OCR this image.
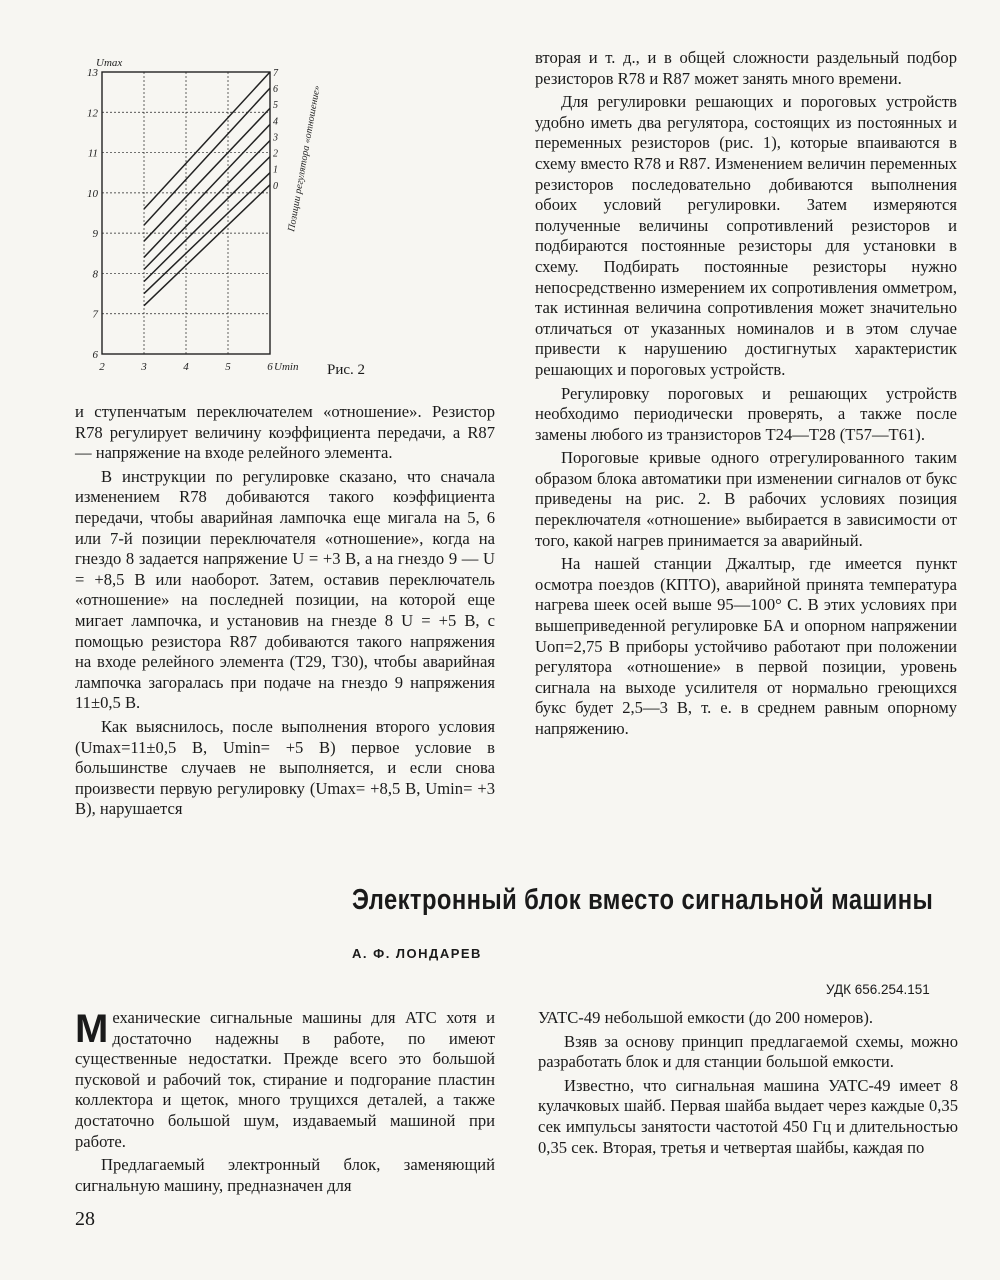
2	3	4	5	6
6
7
8
9
10
11
12
13
0
1
2
3
4
5
6
7
Umax
Umin
Позиции регулятора «отношение»
Рис. 2

вторая и т. д., и в общей сложности раздельный подбор резисторов R78 и R87 может занять много времени.

Для регулировки решающих и пороговых устройств удобно иметь два регулятора, состоящих из постоянных и переменных резисторов (рис. 1), которые впаиваются в схему вместо R78 и R87. Изменением величин переменных резисторов последовательно добиваются выполнения обоих условий регулировки. Затем измеряются полученные величины сопротивлений резисторов и подбираются постоянные резисторы для установки в схему. Подбирать постоянные резисторы нужно непосредственно измерением их сопротивления омметром, так истинная величина сопротивления может значительно отличаться от указанных номиналов и в этом случае привести к нарушению достигнутых характеристик решающих и пороговых устройств.

Регулировку пороговых и решающих устройств необходимо периодически проверять, а также после замены любого из транзисторов T24—T28 (T57—T61).

Пороговые кривые одного отрегулированного таким образом блока автоматики при изменении сигналов от букс приведены на рис. 2. В рабочих условиях позиция переключателя «отношение» выбирается в зависимости от того, какой нагрев принимается за аварийный.

На нашей станции Джалтыр, где имеется пункт осмотра поездов (КПТО), аварийной принята температура нагрева шеек осей выше 95—100° С. В этих условиях при вышеприведенной регулировке БА и опорном напряжении Uоп=2,75 В приборы устойчиво работают при положении регулятора «отношение» в первой позиции, уровень сигнала на выходе усилителя от нормально греющихся букс будет 2,5—3 В, т. е. в среднем равным опорному напряжению.

и ступенчатым переключателем «отношение». Резистор R78 регулирует величину коэффициента передачи, а R87 — напряжение на входе релейного элемента.

В инструкции по регулировке сказано, что сначала изменением R78 добиваются такого коэффициента передачи, чтобы аварийная лампочка еще мигала на 5, 6 или 7-й позиции переключателя «отношение», когда на гнездо 8 задается напряжение U = +3 В, а на гнездо 9 — U = +8,5 В или наоборот. Затем, оставив переключатель «отношение» на последней позиции, на которой еще мигает лампочка, и установив на гнезде 8 U = +5 В, с помощью резистора R87 добиваются такого напряжения на входе релейного элемента (T29, T30), чтобы аварийная лампочка загоралась при подаче на гнездо 9 напряжения 11±0,5 В.

Как выяснилось, после выполнения второго условия (Umax=11±0,5 В, Umin= +5 В) первое условие в большинстве случаев не выполняется, и если снова произвести первую регулировку (Umax= +8,5 В, Umin= +3 В), нарушается

Электронный блок вместо сигнальной машины
А. Ф. ЛОНДАРЕВ
УДК 656.254.151

Механические сигнальные машины для АТС хотя и достаточно надежны в работе, по имеют существенные недостатки. Прежде всего это большой пусковой и рабочий ток, стирание и подгорание пластин коллектора и щеток, много трущихся деталей, а также достаточно большой шум, издаваемый машиной при работе.

Предлагаемый электронный блок, заменяющий сигнальную машину, предназначен для

УАТС-49 небольшой емкости (до 200 номеров).

Взяв за основу принцип предлагаемой схемы, можно разработать блок и для станции большой емкости.

Известно, что сигнальная машина УАТС-49 имеет 8 кулачковых шайб. Первая шайба выдает через каждые 0,35 сек импульсы занятости частотой 450 Гц и длительностью 0,35 сек. Вторая, третья и четвертая шайбы, каждая по

28
